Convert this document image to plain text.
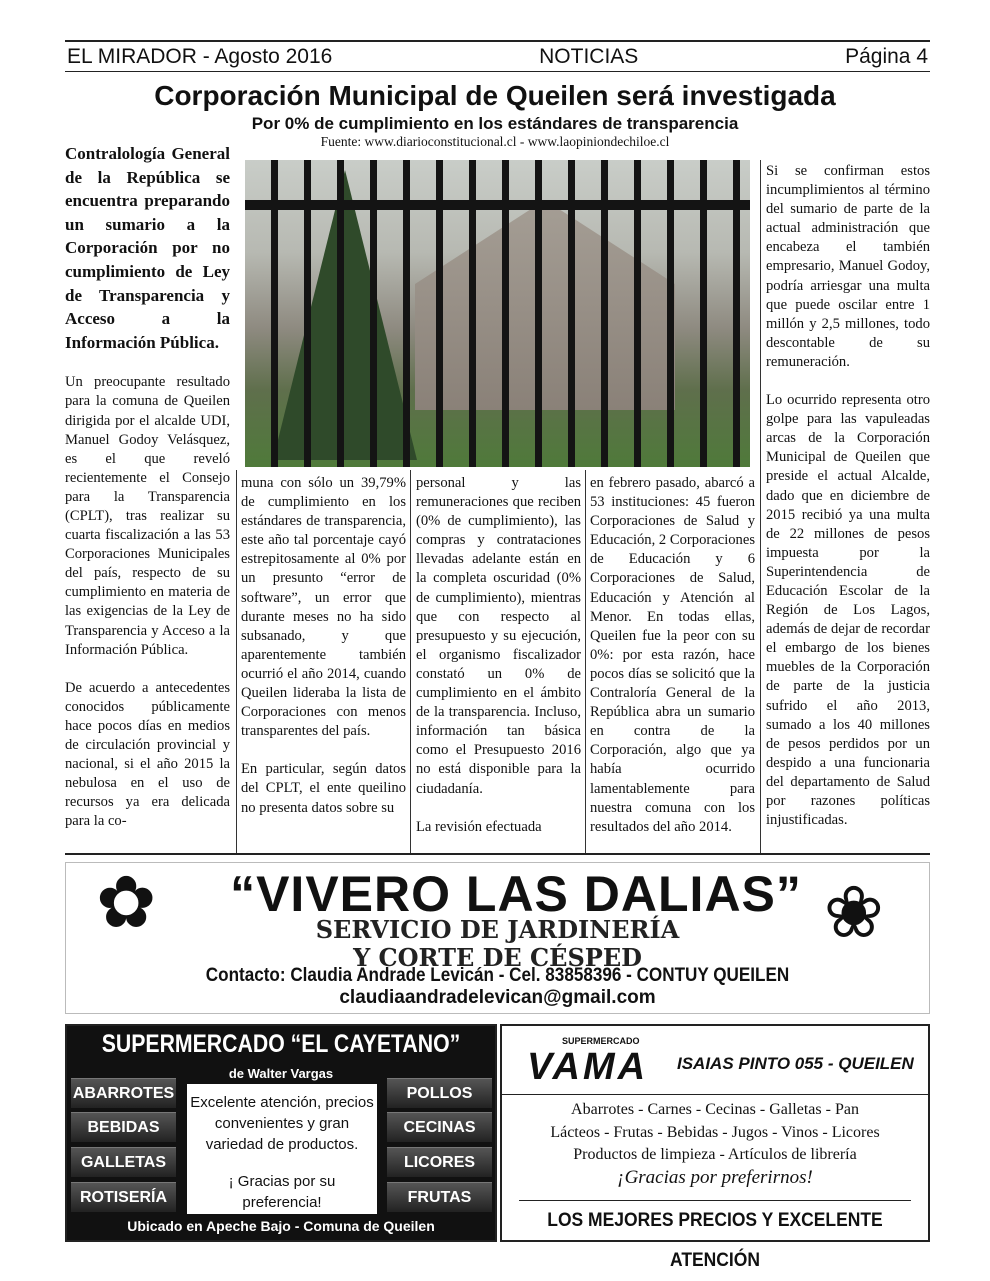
EL MIRADOR - Agosto 2016	NOTICIAS	Página 4
Corporación Municipal de Queilen será investigada
Por 0% de cumplimiento en los estándares de transparencia
Fuente: www.diarioconstitucional.cl - www.laopiniondechiloe.cl
Contralología General de la República se encuentra preparando un sumario a la Corporación por no cumplimiento de Ley de Transparencia y Acceso a la Información Pública.

Un preocupante resultado para la comuna de Queilen dirigida por el alcalde UDI, Manuel Godoy Velásquez, es el que reveló recientemente el Consejo para la Transparencia (CPLT), tras realizar su cuarta fiscalización a las 53 Corporaciones Municipales del país, respecto de su cumplimiento en materia de las exigencias de la Ley de Transparencia y Acceso a la Información Pública.

De acuerdo a antecedentes conocidos públicamente hace pocos días en medios de circulación provincial y nacional, si el año 2015 la nebulosa en el uso de recursos ya era delicada para la co-

muna con sólo un 39,79% de cumplimiento en los estándares de transparencia, este año tal porcentaje cayó estrepitosamente al 0% por un presunto “error de software”, un error que durante meses no ha sido subsanado, y que aparentemente también ocurrió el año 2014, cuando Queilen lideraba la lista de Corporaciones con menos transparentes del país.

En particular, según datos del CPLT, el ente queilino no presenta datos sobre su

personal y las remuneraciones que reciben (0% de cumplimiento), las compras y contrataciones llevadas adelante están en la completa oscuridad (0% de cumplimiento), mientras que con respecto al presupuesto y su ejecución, el organismo fiscalizador constató un 0% de cumplimiento en el ámbito de la transparencia. Incluso, información tan básica como el Presupuesto 2016 no está disponible para la ciudadanía.

La revisión efectuada

en febrero pasado, abarcó a 53 instituciones: 45 fueron Corporaciones de Salud y Educación, 2 Corporaciones de Educación y 6 Corporaciones de Salud, Educación y Atención al Menor. En todas ellas, Queilen fue la peor con su 0%: por esta razón, hace pocos días se solicitó que la Contraloría General de la República abra un sumario en contra de la Corporación, algo que ya había ocurrido lamentablemente para nuestra comuna con los resultados del año 2014.

Si se confirman estos incumplimientos al término del sumario de parte de la actual administración que encabeza el también empresario, Manuel Godoy, podría arriesgar una multa que puede oscilar entre 1 millón y 2,5 millones, todo descontable de su remuneración.

Lo ocurrido representa otro golpe para las vapuleadas arcas de la Corporación Municipal de Queilen que preside el actual Alcalde, dado que en diciembre de 2015 recibió ya una multa de 22 millones de pesos impuesta por la Superintendencia de Educación Escolar de la Región de Los Lagos, además de dejar de recordar el embargo de los bienes muebles de la Corporación de parte de la justicia sufrido el año 2013, sumado a los 40 millones de pesos perdidos por un despido a una funcionaria del departamento de Salud por razones políticas injustificadas.

✿	❀
“VIVERO LAS DALIAS”
SERVICIO DE JARDINERÍA
Y CORTE DE CÉSPED
Contacto: Claudia Andrade Levicán - Cel. 83858396 - CONTUY QUEILEN
claudiaandradelevican@gmail.com
SUPERMERCADO “EL CAYETANO”
de Walter Vargas
ABARROTES
BEBIDAS
GALLETAS
ROTISERÍA
POLLOS
CECINAS
LICORES
FRUTAS
Excelente atención, precios convenientes y gran variedad de productos.
¡ Gracias por su preferencia!
Ubicado en Apeche Bajo - Comuna de Queilen
SUPERMERCADO
VAMA ISAIAS PINTO 055 - QUEILEN
Abarrotes - Carnes - Cecinas - Galletas - Pan
Lácteos - Frutas - Bebidas - Jugos - Vinos - Licores
Productos de limpieza - Artículos de librería
¡Gracias por preferirnos!
LOS MEJORES PRECIOS Y EXCELENTE ATENCIÓN
